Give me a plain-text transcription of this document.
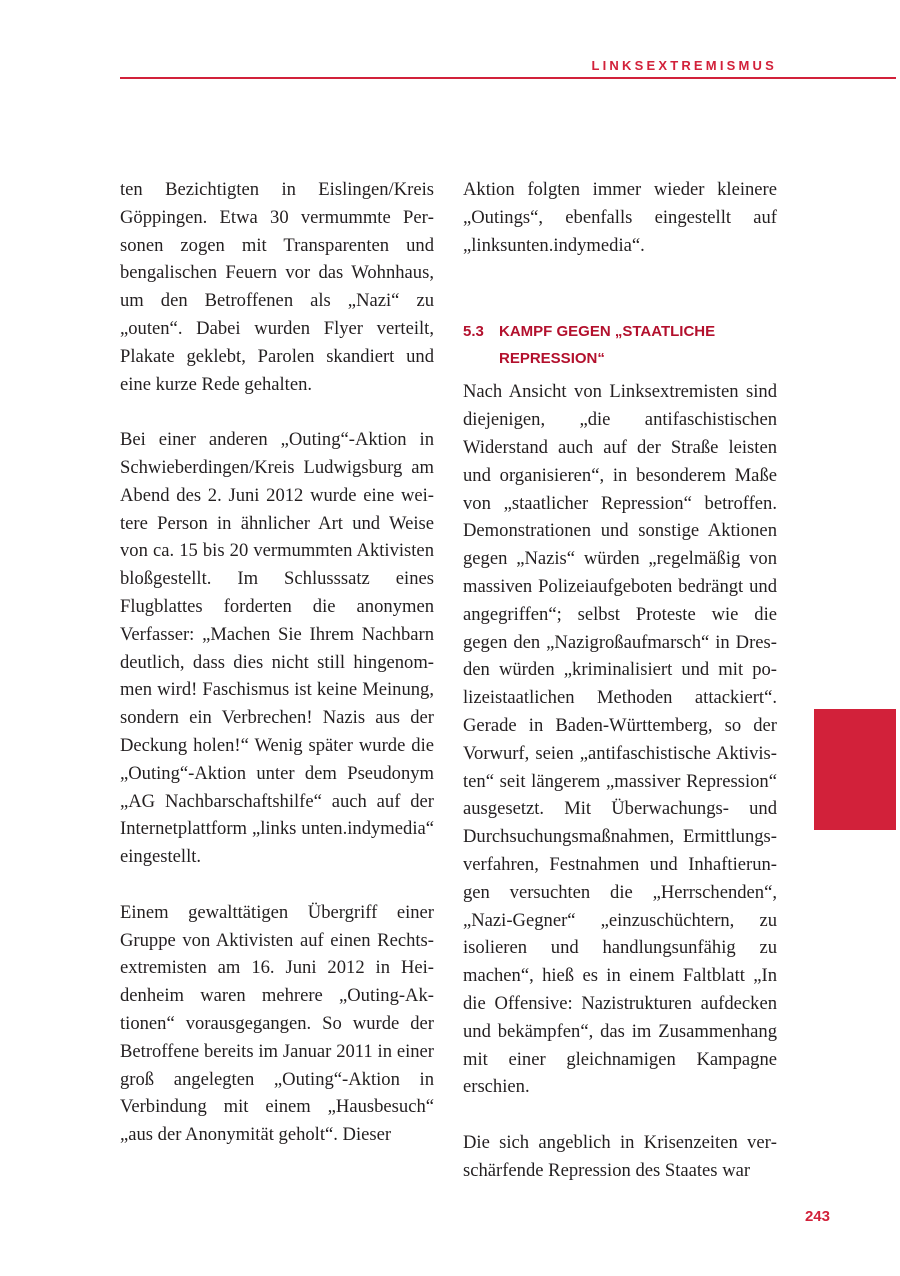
LINKSEXTREMISMUS

ten Bezichtigten in Eislingen/Kreis Göppingen. Etwa 30 vermummte Personen zogen mit Transparenten und bengalischen Feuern vor das Wohnhaus, um den Betroffenen als „Nazi“ zu „outen“. Dabei wurden Flyer verteilt, Plakate geklebt, Parolen skandiert und eine kurze Rede gehalten.

Bei einer anderen „Outing“-Aktion in Schwieberdingen/Kreis Ludwigsburg am Abend des 2. Juni 2012 wurde eine weitere Person in ähnlicher Art und Weise von ca. 15 bis 20 vermummten Aktivisten bloßgestellt. Im Schlusssatz eines Flugblattes forderten die anonymen Verfasser: „Machen Sie Ihrem Nachbarn deutlich, dass dies nicht still hingenommen wird! Faschismus ist keine Meinung, sondern ein Verbrechen! Nazis aus der Deckung holen!“ Wenig später wurde die „Outing“-Aktion unter dem Pseudonym „AG Nachbarschaftshilfe“ auch auf der Internetplattform „links unten.indymedia“ eingestellt.

Einem gewalttätigen Übergriff einer Gruppe von Aktivisten auf einen Rechtsextremisten am 16. Juni 2012 in Heidenheim waren mehrere „Outing-Aktionen“ vorausgegangen. So wurde der Betroffene bereits im Januar 2011 in einer groß angelegten „Outing“-Aktion in Verbindung mit einem „Hausbesuch“ „aus der Anonymität geholt“. Dieser

Aktion folgten immer wieder kleinere „Outings“, ebenfalls eingestellt auf „linksunten.indymedia“.

5.3	KAMPF GEGEN „STAATLICHE REPRESSION“

Nach Ansicht von Linksextremisten sind diejenigen, „die antifaschistischen Widerstand auch auf der Straße leisten und organisieren“, in besonderem Maße von „staatlicher Repression“ betroffen. Demonstrationen und sonstige Aktionen gegen „Nazis“ würden „regelmäßig von massiven Polizeiaufgeboten bedrängt und angegriffen“; selbst Proteste wie die gegen den „Nazigroßaufmarsch“ in Dresden würden „kriminalisiert und mit polizeistaatlichen Methoden attackiert“. Gerade in Baden-Württemberg, so der Vorwurf, seien „antifaschistische Aktivisten“ seit längerem „massiver Repression“ ausgesetzt. Mit Überwachungs- und Durchsuchungsmaßnahmen, Ermittlungsverfahren, Festnahmen und Inhaftierungen versuchten die „Herrschenden“, „Nazi-Gegner“ „einzuschüchtern, zu isolieren und handlungsunfähig zu machen“, hieß es in einem Faltblatt „In die Offensive: Nazistrukturen aufdecken und bekämpfen“, das im Zusammenhang mit einer gleichnamigen Kampagne erschien.

Die sich angeblich in Krisenzeiten verschärfende Repression des Staates war

243
